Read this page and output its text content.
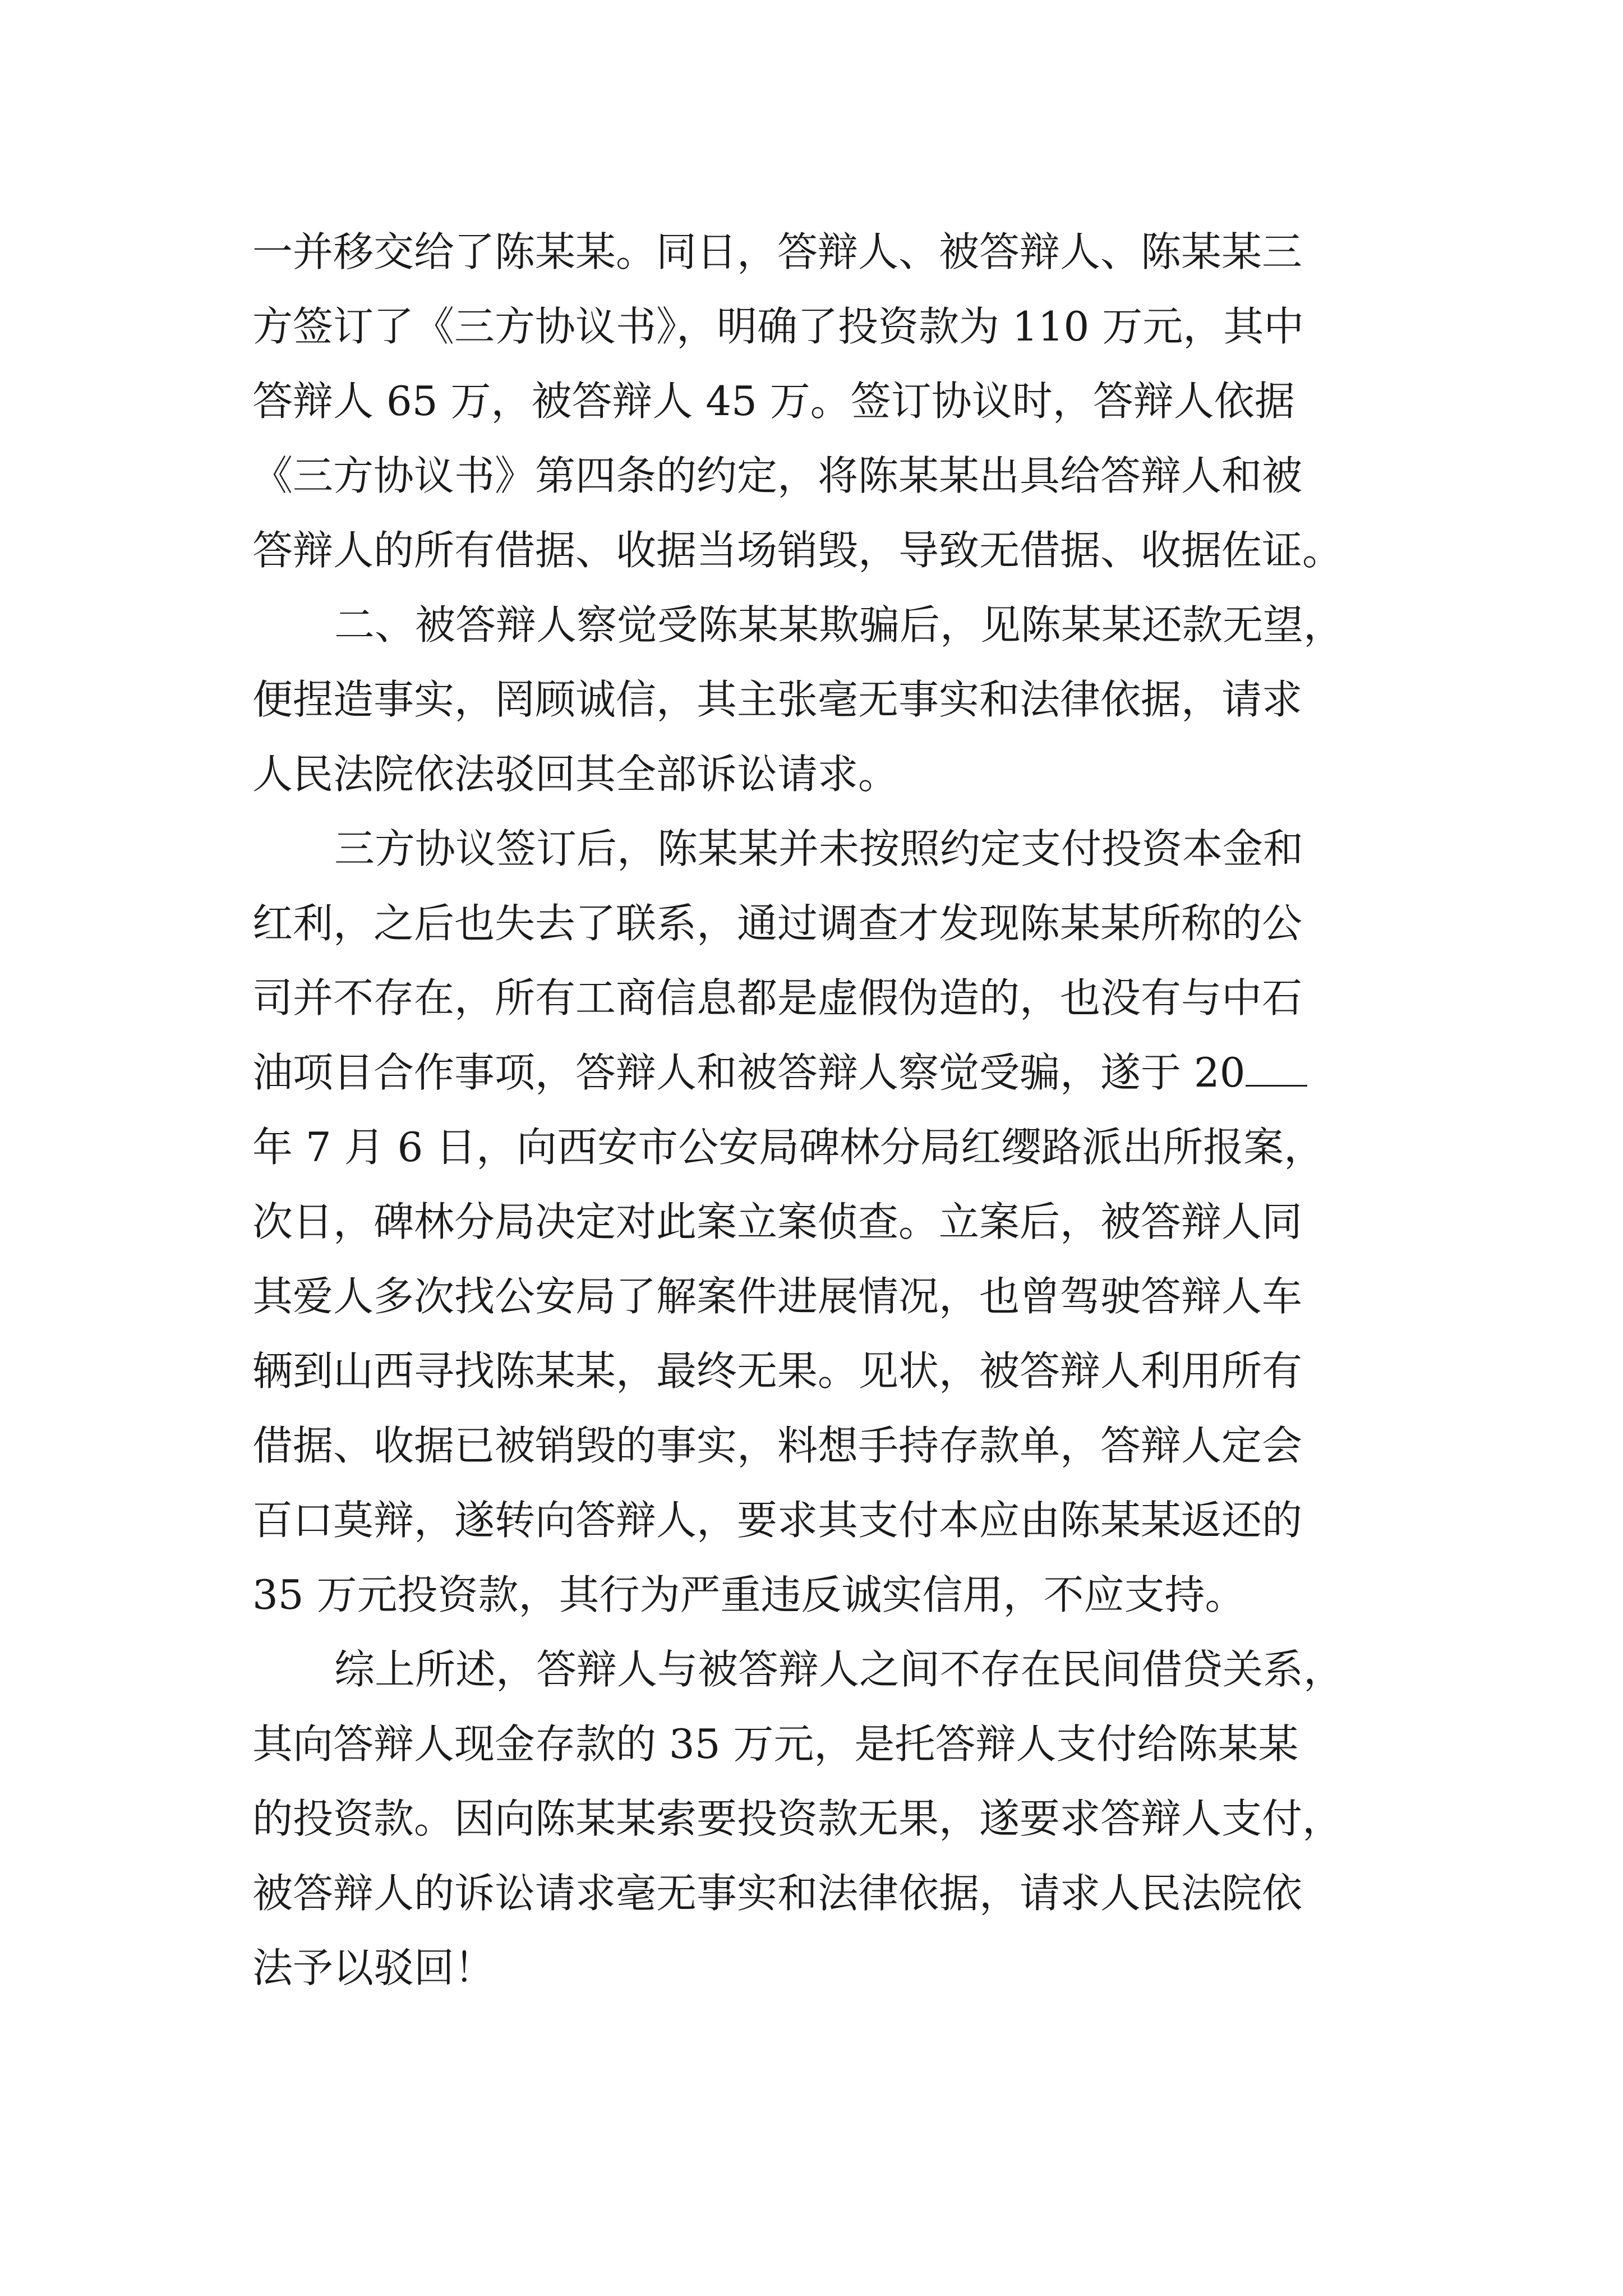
一并移交给了陈某某。同日，答辩人、被答辩人、陈某某三
方签订了《三方协议书》，明确了投资款为 110 万元，其中
答辩人 65 万，被答辩人 45 万。签订协议时，答辩人依据
《三方协议书》第四条的约定，将陈某某出具给答辩人和被
答辩人的所有借据、收据当场销毁，导致无借据、收据佐证。
二、被答辩人察觉受陈某某欺骗后，见陈某某还款无望，
便捏造事实，罔顾诚信，其主张毫无事实和法律依据，请求
人民法院依法驳回其全部诉讼请求。
三方协议签订后，陈某某并未按照约定支付投资本金和
红利，之后也失去了联系，通过调查才发现陈某某所称的公
司并不存在，所有工商信息都是虚假伪造的，也没有与中石
油项目合作事项，答辩人和被答辩人察觉受骗，遂于 20
年 7 月 6 日，向西安市公安局碑林分局红缨路派出所报案，
次日，碑林分局决定对此案立案侦查。立案后，被答辩人同
其爱人多次找公安局了解案件进展情况，也曾驾驶答辩人车
辆到山西寻找陈某某，最终无果。见状，被答辩人利用所有
借据、收据已被销毁的事实，料想手持存款单，答辩人定会
百口莫辩，遂转向答辩人，要求其支付本应由陈某某返还的
35 万元投资款，其行为严重违反诚实信用，不应支持。
综上所述，答辩人与被答辩人之间不存在民间借贷关系，
其向答辩人现金存款的 35 万元，是托答辩人支付给陈某某
的投资款。因向陈某某索要投资款无果，遂要求答辩人支付，
被答辩人的诉讼请求毫无事实和法律依据，请求人民法院依
法予以驳回！
